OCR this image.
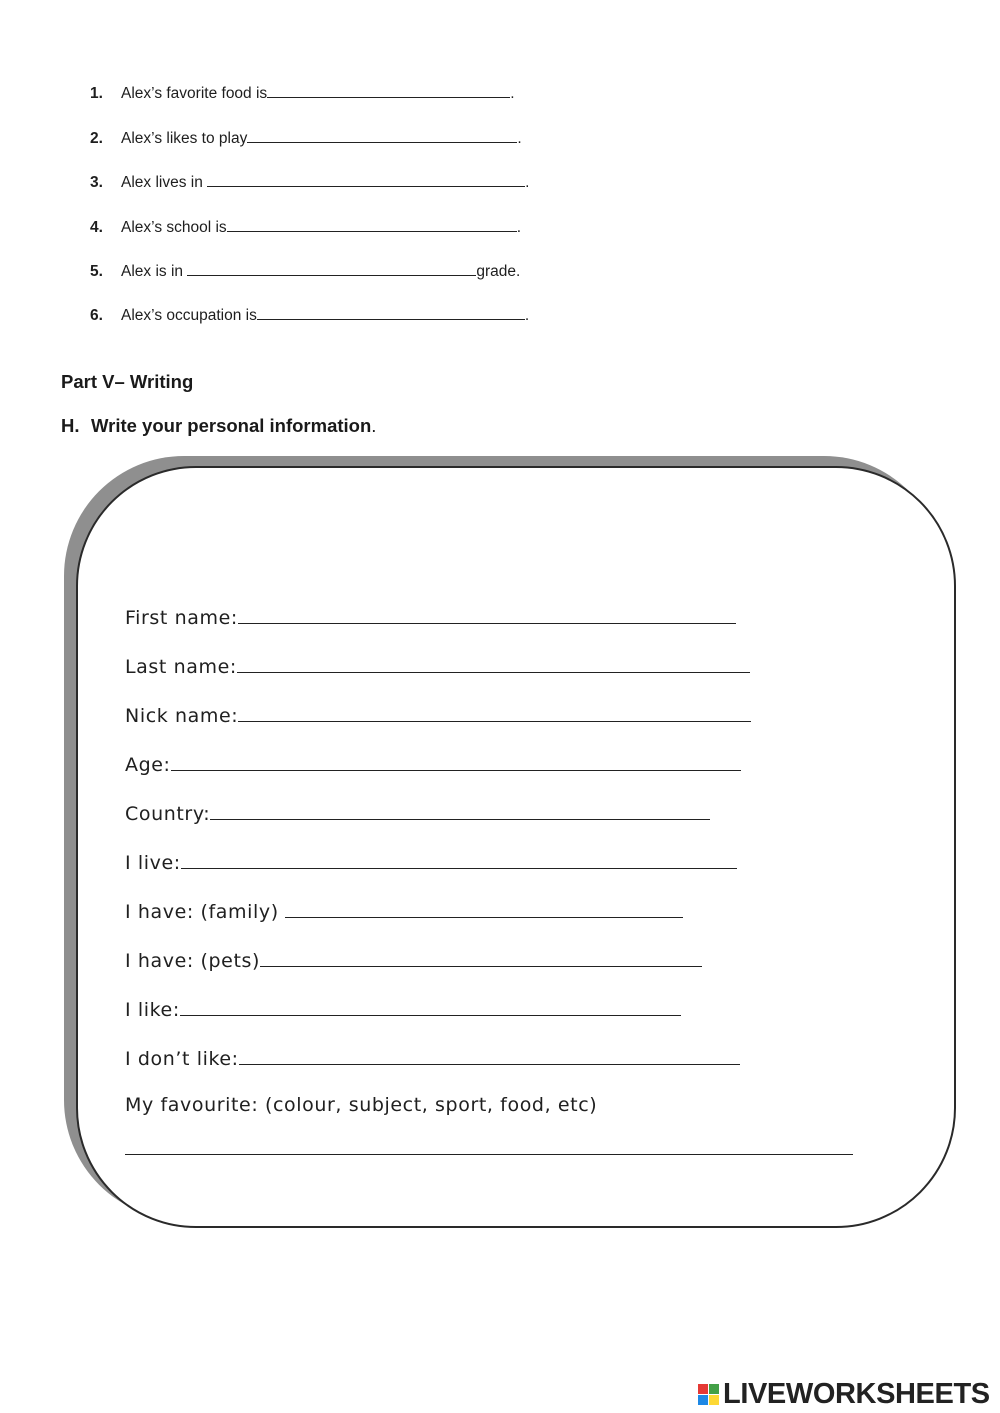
1. Alex’s favorite food is	.
2. Alex’s likes to play	.
3. Alex lives in	.
4. Alex’s school is	.
5. Alex is in	grade.
6. Alex’s occupation is	.
Part V– Writing
H. Write your personal information.
First name:
Last name:
Nick name:
Age:
Country:
I live:
I have: (family)
I have: (pets)
I like:
I don’t like:
My favourite: (colour, subject, sport, food, etc)
LIVEWORKSHEETS
